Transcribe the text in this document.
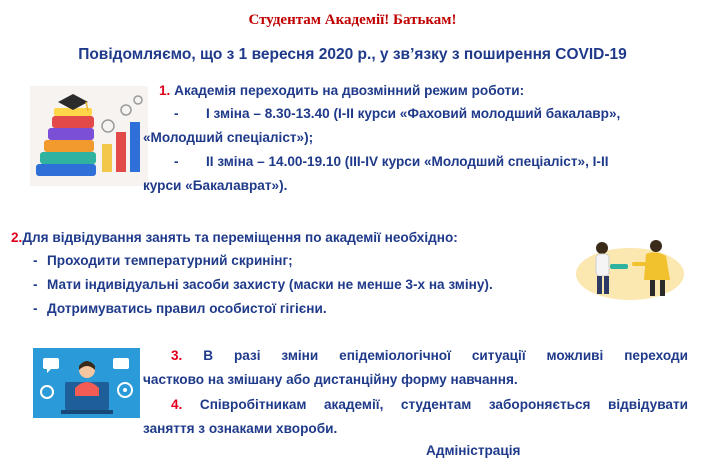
Студентам Академії! Батькам!
Повідомляємо, що з 1 вересня 2020 р., у звʼязку з поширення COVID-19
1. Академія переходить на двозмінний режим роботи:
- І зміна – 8.30-13.40 (І-ІІ курси «Фаховий молодший бакалавр»,
«Молодший спеціаліст»);
- ІІ зміна – 14.00-19.10 (ІІІ-IV курси «Молодший спеціаліст», І-ІІ
курси «Бакалаврат»).
2.Для відвідування занять та переміщення по академії необхідно:
- Проходити температурний скринінг;
- Мати індивідуальні засоби захисту (маски не менше 3-х на зміну).
- Дотримуватись правил особистої гігієни.
3. В разі зміни епідеміологічної ситуації можливі переходи
частково на змішану або дистанційну форму навчання.
4. Співробітникам академії, студентам забороняється відвідувати
заняття з ознаками хвороби.
Адміністрація
